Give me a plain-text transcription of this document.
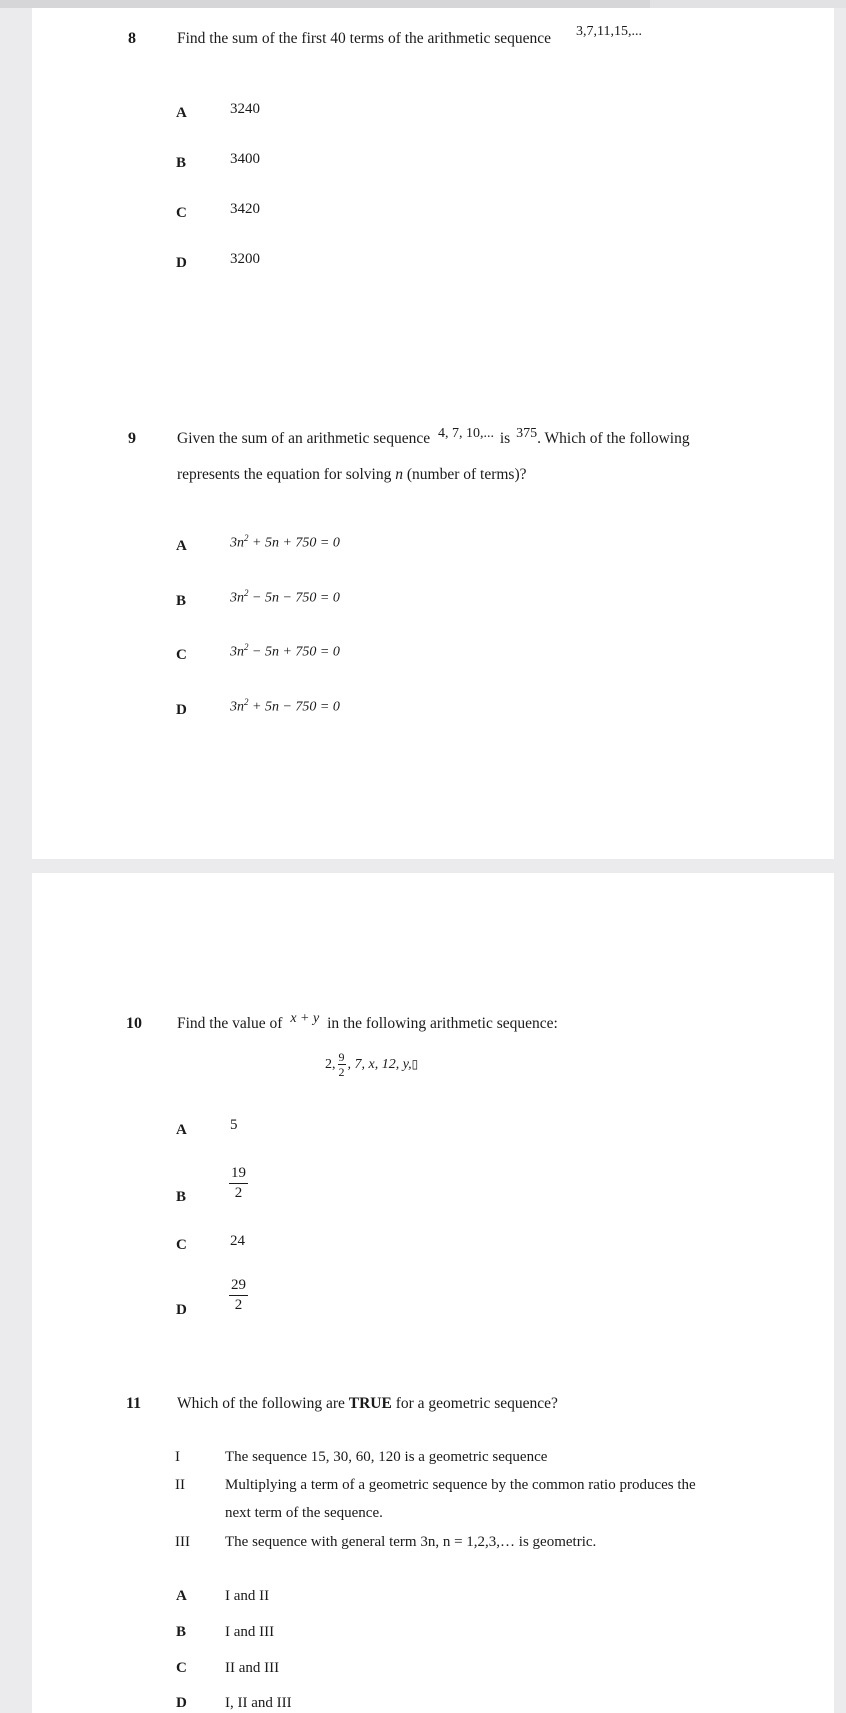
8	Find the sum of the first 40 terms of the arithmetic sequence 3,7,11,15,...
A	3240
B	3400
C	3420
D	3200
9	Given the sum of an arithmetic sequence 4, 7, 10,... is 375. Which of the following
represents the equation for solving n (number of terms)?
A	$3n^2 + 5n + 750 = 0$
B	$3n^2 - 5n - 750 = 0$
C	$3n^2 - 5n + 750 = 0$
D	$3n^2 + 5n - 750 = 0$
10 Find the value of x + y in the following arithmetic sequence:
2, $\frac{9}{2}$ , 7, x, 12, y, ▯
A	5
B	$\frac{19}{2}$
C	24
D	$\frac{29}{2}$
11 Which of the following are TRUE for a geometric sequence?
I	The sequence 15, 30, 60, 120 is a geometric sequence
II	Multiplying a term of a geometric sequence by the common ratio produces the
next term of the sequence.
III The sequence with general term 3n, n = 1,2,3,… is geometric.
A	I and II
B	I and III
C	II and III
D	I, II and III
